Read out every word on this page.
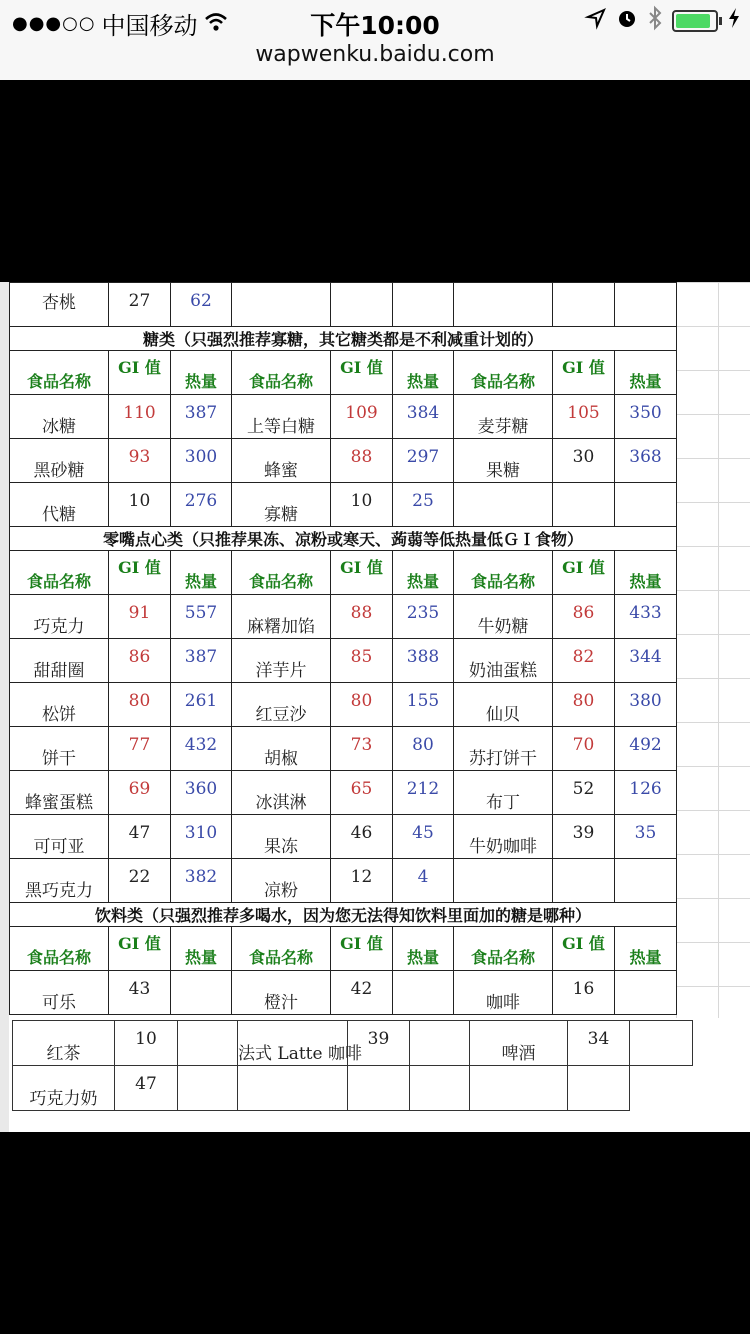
●●●○○ 中国移动	下午10:00
wapwenku.baidu.com
杏桃	27	62						
糖类（只强烈推荐寡糖，其它糖类都是不利减重计划的）								
食品名称	GI 值	热量	食品名称	GI 值	热量	食品名称	GI 值	热量
冰糖	110	387	上等白糖	109	384	麦芽糖	105	350
黑砂糖	93	300	蜂蜜	88	297	果糖	30	368
代糖	10	276	寡糖	10	25			
零嘴点心类（只推荐果冻、凉粉或寒天、蒟蒻等低热量低ＧＩ食物）								
食品名称	GI 值	热量	食品名称	GI 值	热量	食品名称	GI 值	热量
巧克力	91	557	麻糬加馅	88	235	牛奶糖	86	433
甜甜圈	86	387	洋芋片	85	388	奶油蛋糕	82	344
松饼	80	261	红豆沙	80	155	仙贝	80	380
饼干	77	432	胡椒	73	80	苏打饼干	70	492
蜂蜜蛋糕	69	360	冰淇淋	65	212	布丁	52	126
可可亚	47	310	果冻	46	45	牛奶咖啡	39	35
黑巧克力	22	382	凉粉	12	4			
饮料类（只强烈推荐多喝水，因为您无法得知饮料里面加的糖是哪种）								
食品名称	GI 值	热量	食品名称	GI 值	热量	食品名称	GI 值	热量
可乐	43		橙汁	42		咖啡	16	
红茶	10		法式 Latte 咖啡	39		啤酒	34	
巧克力奶	47							
